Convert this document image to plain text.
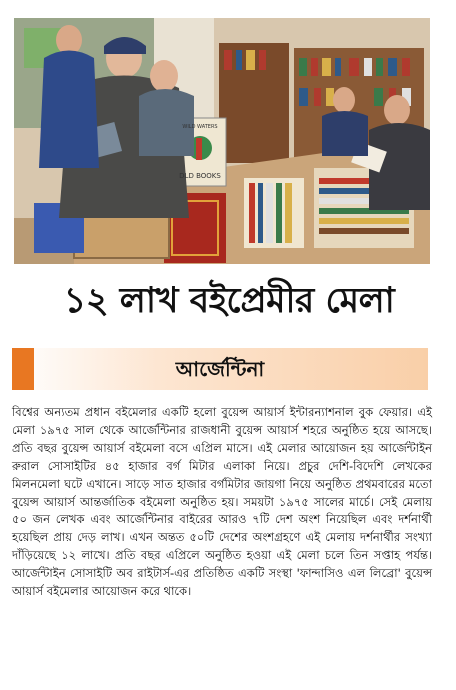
DLD BOOKS
WILD WATERS
১২ লাখ বইপ্রেমীর মেলা
আর্জেন্টিনা

বিশ্বের অন্যতম প্রধান বইমেলার একটি হলো বুয়েন্স আয়ার্স ইন্টারন্যাশনাল বুক ফেয়ার। এই মেলা ১৯৭৫ সাল থেকে আর্জেন্টিনার রাজধানী বুয়েন্স আয়ার্স শহরে অনুষ্ঠিত হয়ে আসছে। প্রতি বছর বুয়েন্স আয়ার্স বইমেলা বসে এপ্রিল মাসে। এই মেলার আয়োজন হয় আর্জেন্টাইন রুরাল সোসাইটির ৪৫ হাজার বর্গ মিটার এলাকা নিয়ে। প্রচুর দেশি-বিদেশি লেখকের মিলনমেলা ঘটে এখানে। সাড়ে সাত হাজার বর্গমিটার জায়গা নিয়ে অনুষ্ঠিত প্রথমবারের মতো বুয়েন্স আয়ার্স আন্তর্জাতিক বইমেলা অনুষ্ঠিত হয়। সময়টা ১৯৭৫ সালের মার্চে। সেই মেলায় ৫০ জন লেখক এবং আর্জেন্টিনার বাইরের আরও ৭টি দেশ অংশ নিয়েছিল এবং দর্শনার্থী হয়েছিল প্রায় দেড় লাখ। এখন অন্তত ৫০টি দেশের অংশগ্রহণে এই মেলায় দর্শনার্থীর সংখ্যা দাঁড়িয়েছে ১২ লাখে। প্রতি বছর এপ্রিলে অনুষ্ঠিত হওয়া এই মেলা চলে তিন সপ্তাহ পর্যন্ত। আর্জেন্টাইন সোসাইটি অব রাইটার্স-এর প্রতিষ্ঠিত একটি সংস্থা 'ফান্দাসিও এল লিব্রো' বুয়েন্স আয়ার্স বইমেলার আয়োজন করে থাকে।
